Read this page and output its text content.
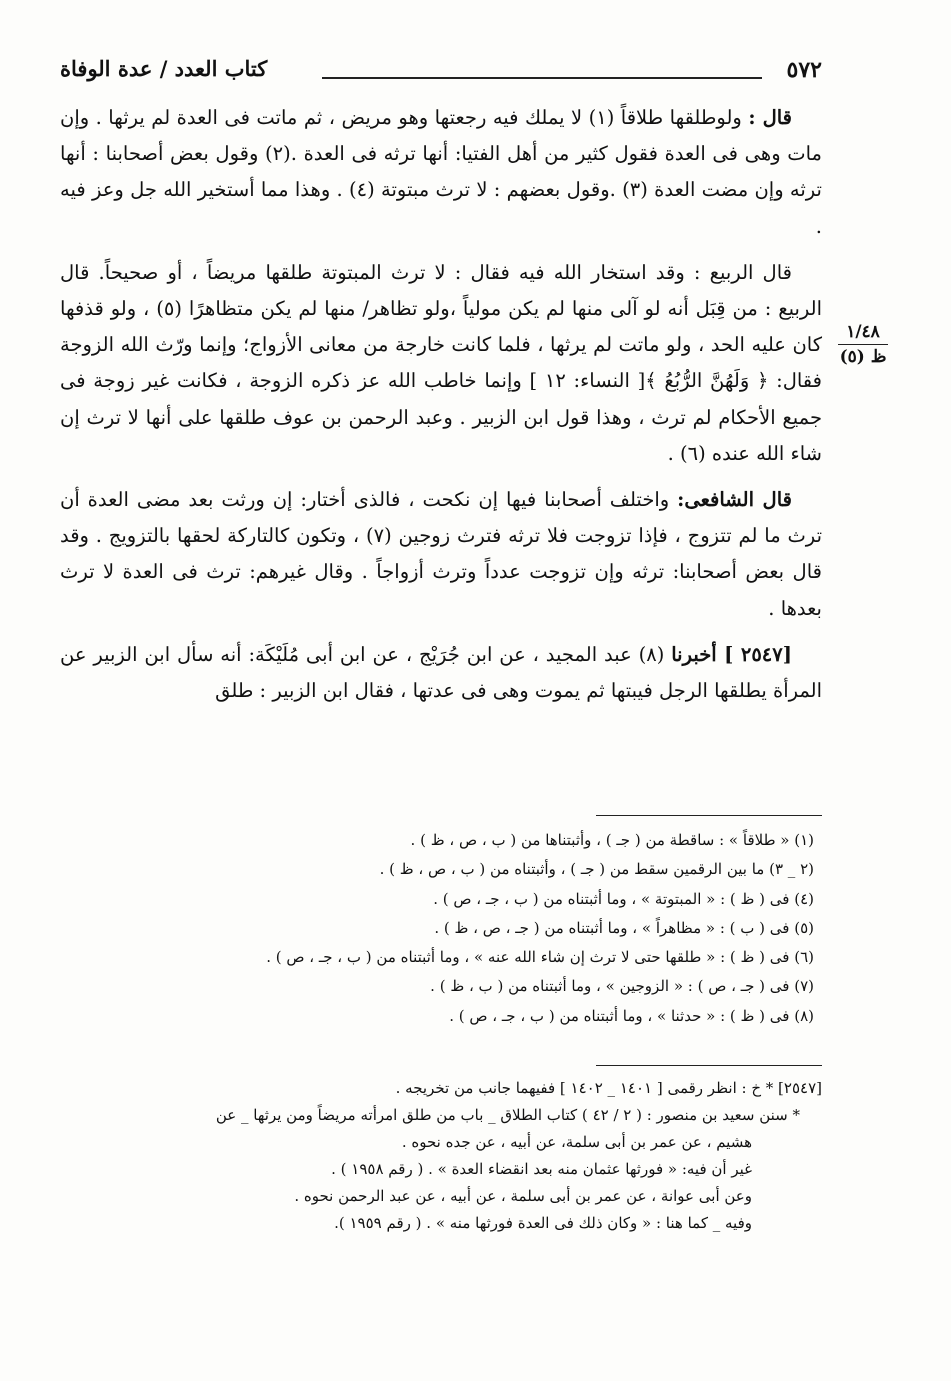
٥٧٢
كتاب العدد / عدة الوفاة
١/٤٨
ظ (٥)

قال : ولوطلقها طلاقاً (١) لا يملك فيه رجعتها وهو مريض ، ثم ماتت فى العدة لم يرثها . وإن مات وهى فى العدة فقول كثير من أهل الفتيا: أنها ترثه فى العدة .(٢) وقول بعض أصحابنا : أنها ترثه وإن مضت العدة (٣) .وقول بعضهم : لا ترث مبتوتة (٤) . وهذا مما أستخير الله جل وعز فيه .

قال الربيع : وقد استخار الله فيه فقال : لا ترث المبتوتة طلقها مريضاً ، أو صحيحاً. قال الربيع : من قِبَل أنه لو آلى منها لم يكن مولياً ،ولو تظاهر/ منها لم يكن متظاهرًا (٥) ، ولو قذفها كان عليه الحد ، ولو ماتت لم يرثها ، فلما كانت خارجة من معانى الأزواج؛ وإنما ورّث الله الزوجة فقال: ﴿ وَلَهُنَّ الرُّبُعُ ﴾[ النساء: ١٢ ] وإنما خاطب الله عز ذكره الزوجة ، فكانت غير زوجة فى جميع الأحكام لم ترث ، وهذا قول ابن الزبير . وعبد الرحمن بن عوف طلقها على أنها لا ترث إن شاء الله عنده (٦) .

قال الشافعى: واختلف أصحابنا فيها إن نكحت ، فالذى أختار: إن ورثت بعد مضى العدة أن ترث ما لم تتزوج ، فإذا تزوجت فلا ترثه فترث زوجين (٧) ، وتكون كالتاركة لحقها بالتزويج . وقد قال بعض أصحابنا: ترثه وإن تزوجت عدداً وترث أزواجاً . وقال غيرهم: ترث فى العدة لا ترث بعدها .

[٢٥٤٧ ] أخبرنا (٨) عبد المجيد ، عن ابن جُرَيْج ، عن ابن أبى مُلَيْكَة: أنه سأل ابن الزبير عن المرأة يطلقها الرجل فيبتها ثم يموت وهى فى عدتها ، فقال ابن الزبير : طلق

(١) « طلاقاً » : ساقطة من ( جـ ) ، وأثبتناها من ( ب ، ص ، ظ ) .
(٢ _ ٣) ما بين الرقمين سقط من ( جـ ) ، وأثبتناه من ( ب ، ص ، ظ ) .
(٤) فى ( ظ ) : « المبتوتة » ، وما أثبتناه من ( ب ، جـ ، ص ) .
(٥) فى ( ب ) : « مظاهراً » ، وما أثبتناه من ( جـ ، ص ، ظ ) .
(٦) فى ( ظ ) : « طلقها حتى لا ترث إن شاء الله عنه » ، وما أثبتناه من ( ب ، جـ ، ص ) .
(٧) فى ( جـ ، ص ) : « الزوجين » ، وما أثبتناه من ( ب ، ظ ) .
(٨) فى ( ظ ) : « حدثنا » ، وما أثبتناه من ( ب ، جـ ، ص ) .
[٢٥٤٧] * خ : انظر رقمى [ ١٤٠١ _ ١٤٠٢ ] ففيهما جانب من تخريجه .
* سنن سعيد بن منصور : ( ٢ / ٤٢ ) كتاب الطلاق _ باب من طلق امرأته مريضاً ومن يرثها _ عن
هشيم ، عن عمر بن أبى سلمة، عن أبيه ، عن جده نحوه .
غير أن فيه: « فورثها عثمان منه بعد انقضاء العدة » . ( رقم ١٩٥٨ ) .
وعن أبى عوانة ، عن عمر بن أبى سلمة ، عن أبيه ، عن عبد الرحمن نحوه .
وفيه _ كما هنا : « وكان ذلك فى العدة فورثها منه » . ( رقم ١٩٥٩ ).
